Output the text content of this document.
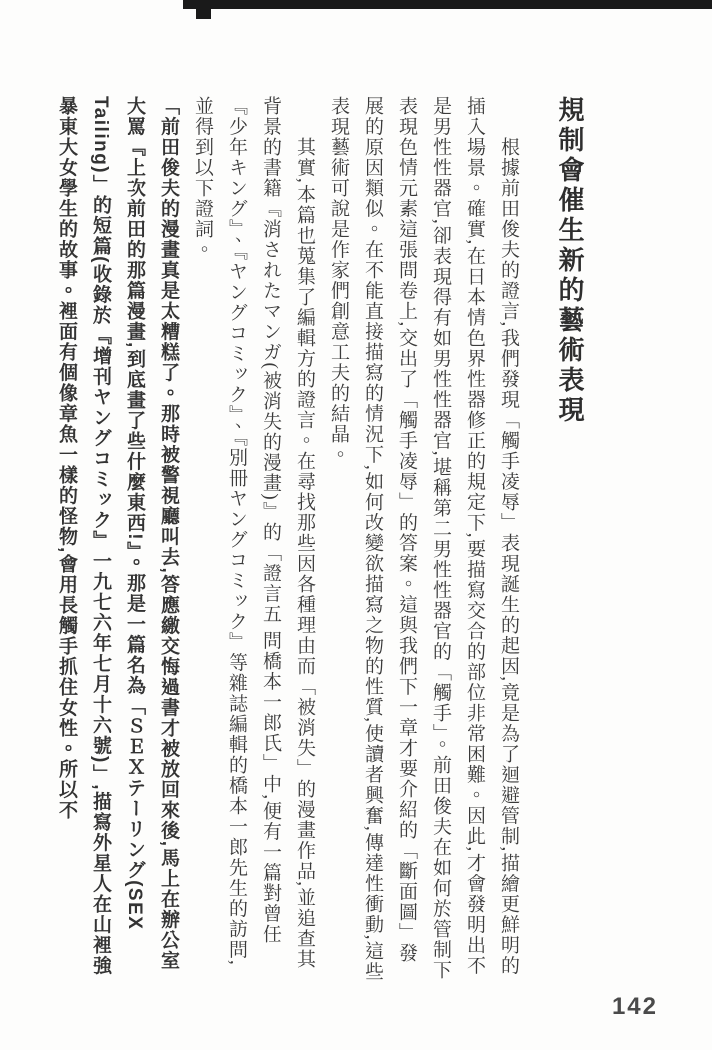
規制會催生新的藝術表現

根據前田俊夫的證言,我們發現「觸手凌辱」表現誕生的起因,竟是為了迴避管制,描繪更鮮明的插入場景。確實,在日本情色界性器修正的規定下,要描寫交合的部位非常困難。因此,才會發明出不是男性性器官,卻表現得有如男性性器官,堪稱第二男性性器官的「觸手」。前田俊夫在如何於管制下表現色情元素這張問卷上,交出了「觸手凌辱」的答案。這與我們下一章才要介紹的「斷面圖」發展的原因類似。在不能直接描寫的情況下,如何改變欲描寫之物的性質,使讀者興奮,傳達性衝動,這些表現藝術可說是作家們創意工夫的結晶。

其實,本篇也蒐集了編輯方的證言。在尋找那些因各種理由而「被消失」的漫畫作品,並追查其背景的書籍『消されたマンガ(被消失的漫畫)』的「證言五 問橋本一郎氏」中,便有一篇對曾任『少年キング』、『ヤングコミック』、『別冊ヤングコミック』等雜誌編輯的橋本一郎先生的訪問,並得到以下證詞。

「前田俊夫的漫畫真是太糟糕了。那時被警視廳叫去,答應繳交悔過書才被放回來後,馬上在辦公室大罵『上次前田的那篇漫畫,到底畫了些什麼東西!』。那是一篇名為「ＳＥＸテーリング(SEX Tailing)」的短篇(收錄於『增刊ヤングコミック』一九七六年七月十六號)」,描寫外星人在山裡強暴東大女學生的故事。裡面有個像章魚一樣的怪物,會用長觸手抓住女性。所以不

142
